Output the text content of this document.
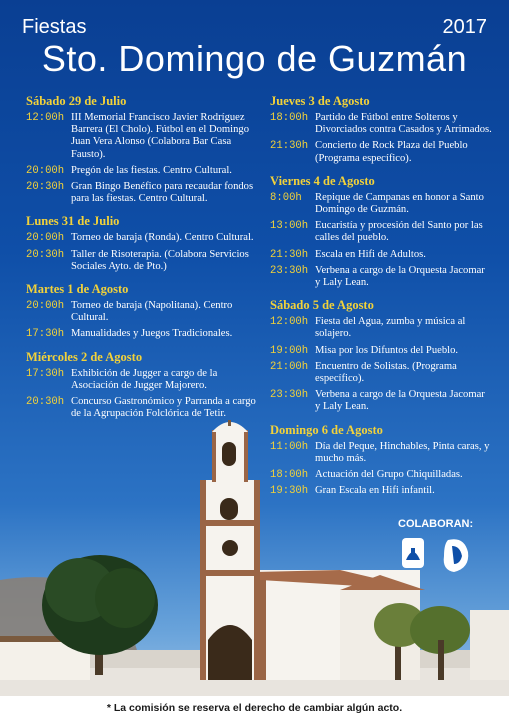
Fiestas	2017
Sto. Domingo de Guzmán
Sábado 29 de Julio
12:00h III Memorial Francisco Javier Rodríguez Barrera (El Cholo). Fútbol en el Domingo Juan Vera Alonso (Colabora Bar Casa Fausto).
20:00h Pregón de las fiestas. Centro Cultural.
20:30h Gran Bingo Benéfico para recaudar fondos para las fiestas. Centro Cultural.
Lunes 31 de Julio
20:00h Torneo de baraja (Ronda). Centro Cultural.
20:30h Taller de Risoterapia. (Colabora Servicios Sociales Ayto. de Pto.)
Martes 1 de Agosto
20:00h Torneo de baraja (Napolitana). Centro Cultural.
17:30h Manualidades y Juegos Tradicionales.
Miércoles 2 de Agosto
17:30h Exhibición de Jugger a cargo de la Asociación de Jugger Majorero.
20:30h Concurso Gastronómico y Parranda a cargo de la Agrupación Folclórica de Tetir.
Jueves 3 de Agosto
18:00h Partido de Fútbol entre Solteros y Divorciados contra Casados y Arrimados.
21:30h Concierto de Rock Plaza del Pueblo (Programa específico).
Viernes 4 de Agosto
8:00h	Repique de Campanas en honor a Santo Domingo de Guzmán.
13:00h Eucaristía y procesión del Santo por las calles del pueblo.
21:30h Escala en Hifi de Adultos.
23:30h Verbena a cargo de la Orquesta Jacomar y Laly Lean.
Sábado 5 de Agosto
12:00h Fiesta del Agua, zumba y música al solajero.
19:00h Misa por los Difuntos del Pueblo.
21:00h Encuentro de Solistas. (Programa específico).
23:30h Verbena a cargo de la Orquesta Jacomar y Laly Lean.
Domingo 6 de Agosto
11:00h Día del Peque, Hinchables, Pinta caras, y mucho más.
18:00h Actuación del Grupo Chiquilladas.
19:30h Gran Escala en Hifi infantil.
COLABORAN:
* La comisión se reserva el derecho de cambiar algún acto.
